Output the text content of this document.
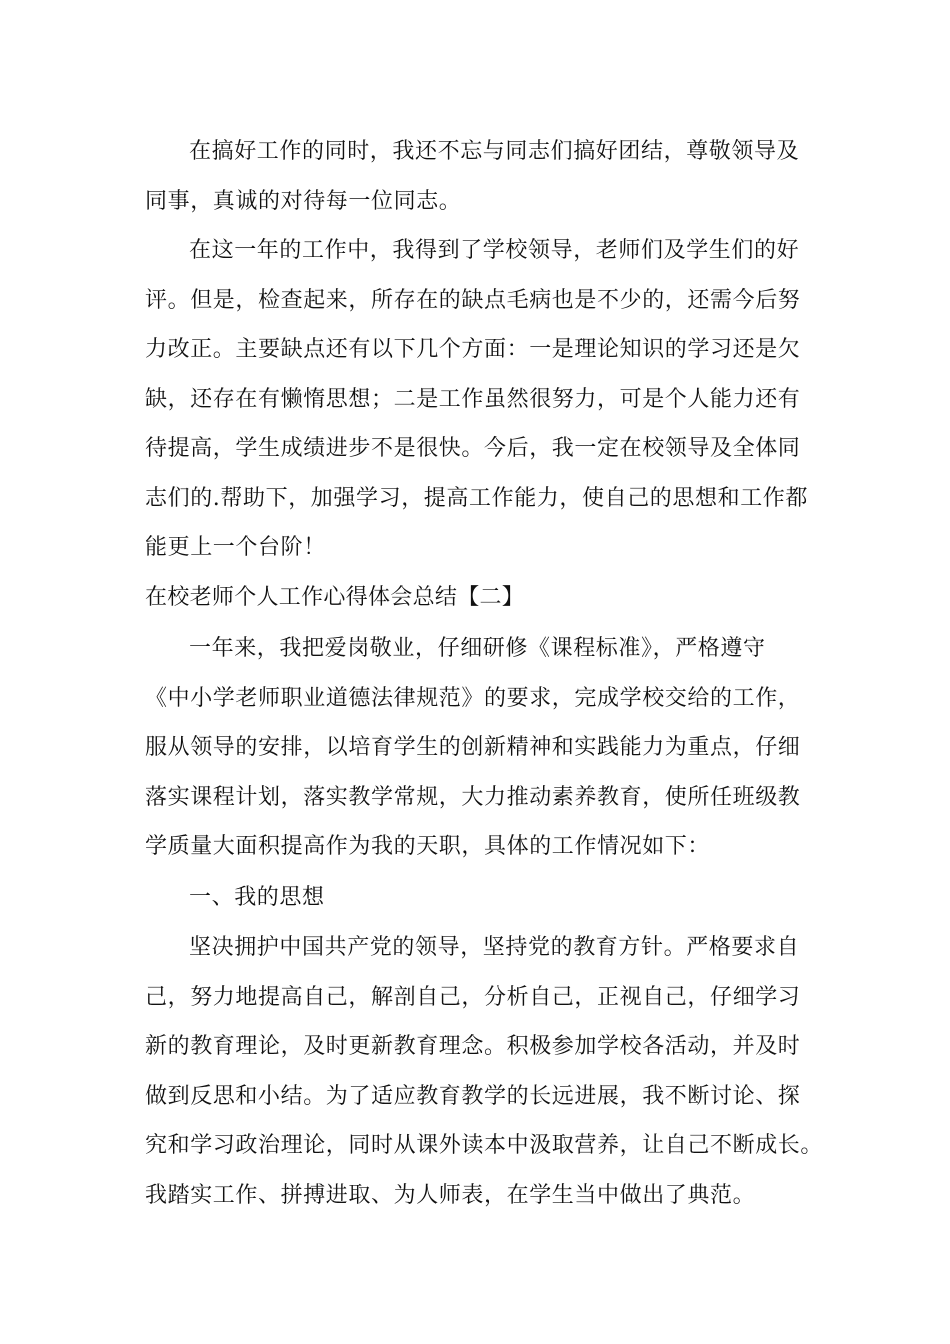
在搞好工作的同时，我还不忘与同志们搞好团结，尊敬领导及
同事，真诚的对待每一位同志。
在这一年的工作中，我得到了学校领导，老师们及学生们的好
评。但是，检查起来，所存在的缺点毛病也是不少的，还需今后努
力改正。主要缺点还有以下几个方面：一是理论知识的学习还是欠
缺，还存在有懒惰思想；二是工作虽然很努力，可是个人能力还有
待提高，学生成绩进步不是很快。今后，我一定在校领导及全体同
志们的.帮助下，加强学习，提高工作能力，使自己的思想和工作都
能更上一个台阶！
在校老师个人工作心得体会总结【二】
一年来，我把爱岗敬业，仔细研修《课程标准》，严格遵守
《中小学老师职业道德法律规范》的要求，完成学校交给的工作，
服从领导的安排，以培育学生的创新精神和实践能力为重点，仔细
落实课程计划，落实教学常规，大力推动素养教育，使所任班级教
学质量大面积提高作为我的天职，具体的工作情况如下：
一、我的思想
坚决拥护中国共产党的领导，坚持党的教育方针。严格要求自
己，努力地提高自己，解剖自己，分析自己，正视自己，仔细学习
新的教育理论，及时更新教育理念。积极参加学校各活动，并及时
做到反思和小结。为了适应教育教学的长远进展，我不断讨论、探
究和学习政治理论，同时从课外读本中汲取营养，让自己不断成长。
我踏实工作、拼搏进取、为人师表，在学生当中做出了典范。
